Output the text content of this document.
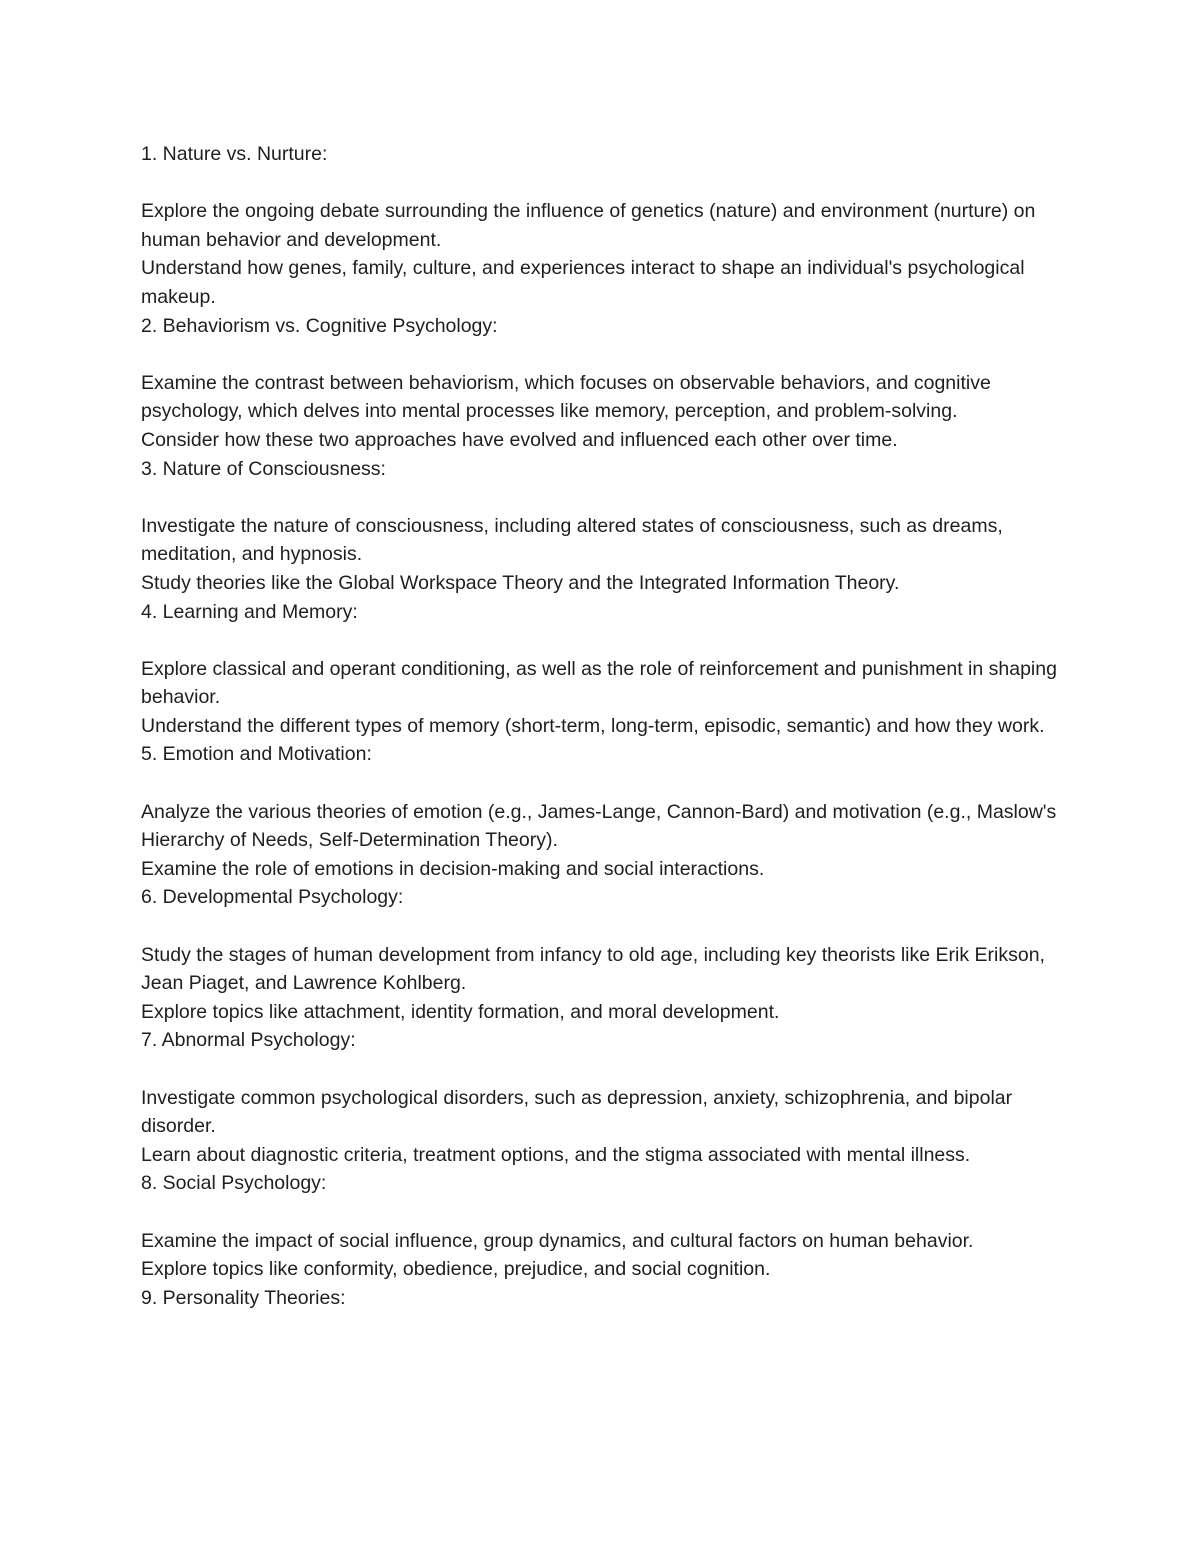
1. Nature vs. Nurture:

Explore the ongoing debate surrounding the influence of genetics (nature) and environment (nurture) on human behavior and development.

Understand how genes, family, culture, and experiences interact to shape an individual's psychological makeup.

2. Behaviorism vs. Cognitive Psychology:

Examine the contrast between behaviorism, which focuses on observable behaviors, and cognitive psychology, which delves into mental processes like memory, perception, and problem-solving.

Consider how these two approaches have evolved and influenced each other over time.

3. Nature of Consciousness:

Investigate the nature of consciousness, including altered states of consciousness, such as dreams, meditation, and hypnosis.

Study theories like the Global Workspace Theory and the Integrated Information Theory.

4. Learning and Memory:

Explore classical and operant conditioning, as well as the role of reinforcement and punishment in shaping behavior.

Understand the different types of memory (short-term, long-term, episodic, semantic) and how they work.

5. Emotion and Motivation:

Analyze the various theories of emotion (e.g., James-Lange, Cannon-Bard) and motivation (e.g., Maslow's Hierarchy of Needs, Self-Determination Theory).

Examine the role of emotions in decision-making and social interactions.

6. Developmental Psychology:

Study the stages of human development from infancy to old age, including key theorists like Erik Erikson, Jean Piaget, and Lawrence Kohlberg.

Explore topics like attachment, identity formation, and moral development.

7. Abnormal Psychology:

Investigate common psychological disorders, such as depression, anxiety, schizophrenia, and bipolar disorder.

Learn about diagnostic criteria, treatment options, and the stigma associated with mental illness.

8. Social Psychology:

Examine the impact of social influence, group dynamics, and cultural factors on human behavior.

Explore topics like conformity, obedience, prejudice, and social cognition.

9. Personality Theories:
